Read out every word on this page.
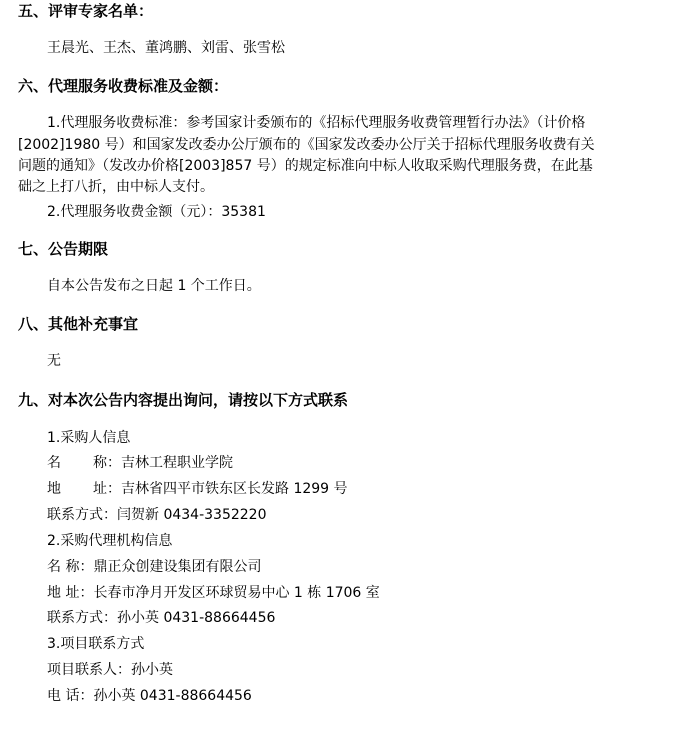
五、评审专家名单：
王晨光、王杰、董鸿鹏、刘雷、张雪松
六、代理服务收费标准及金额：
1.代理服务收费标准：参考国家计委颁布的《招标代理服务收费管理暂行办法》（计价格
[2002]1980 号）和国家发改委办公厅颁布的《国家发改委办公厅关于招标代理服务收费有关
问题的通知》（发改办价格[2003]857 号）的规定标准向中标人收取采购代理服务费，在此基
础之上打八折，由中标人支付。
2.代理服务收费金额（元）：35381
七、公告期限
自本公告发布之日起 1 个工作日。
八、其他补充事宜
无
九、对本次公告内容提出询问，请按以下方式联系
1.采购人信息
名 称：吉林工程职业学院
地 址：吉林省四平市铁东区长发路 1299 号
联系方式：闫贺新 0434-3352220
2.采购代理机构信息
名 称：鼎正众创建设集团有限公司
地 址：长春市净月开发区环球贸易中心 1 栋 1706 室
联系方式：孙小英 0431-88664456
3.项目联系方式
项目联系人：孙小英
电 话：孙小英 0431-88664456
